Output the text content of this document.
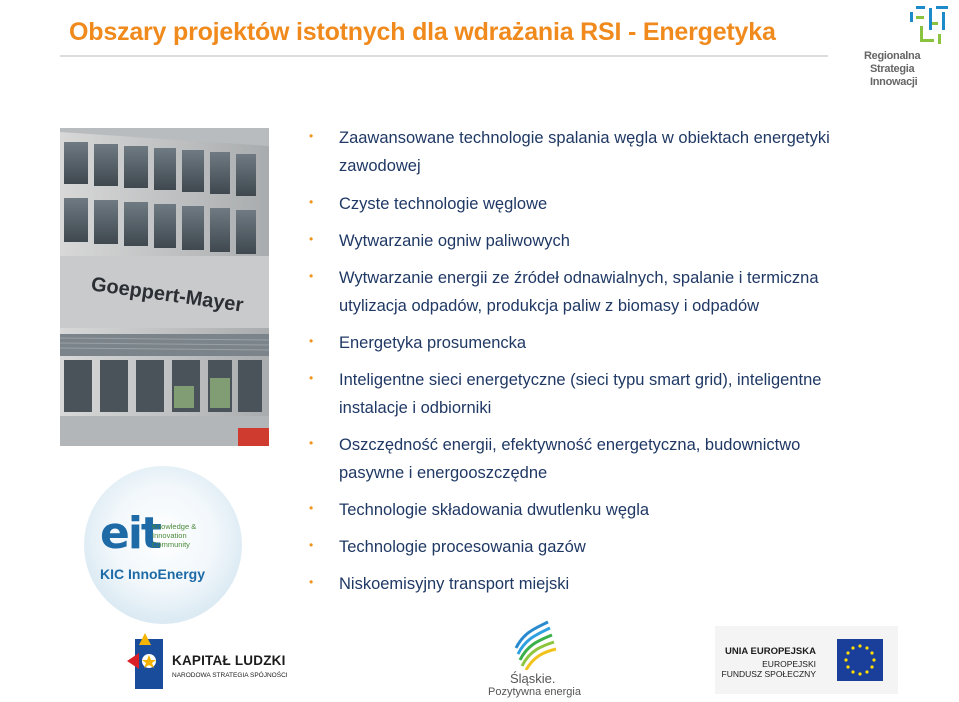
Obszary projektów istotnych dla wdrażania RSI - Energetyka
Regionalna
Strategia
Innowacji
Goeppert-Mayer
eit
Knowledge &
Innovation
Community
KIC InnoEnergy
• Zaawansowane technologie spalania węgla w obiektach energetyki
zawodowej
• Czyste technologie węglowe
• Wytwarzanie ogniw paliwowych
• Wytwarzanie energii ze źródeł odnawialnych, spalanie i termiczna
utylizacja odpadów, produkcja paliw z biomasy i odpadów
• Energetyka prosumencka
• Inteligentne sieci energetyczne (sieci typu smart grid), inteligentne
instalacje i odbiorniki
• Oszczędność energii, efektywność energetyczna, budownictwo
pasywne i energooszczędne
• Technologie składowania dwutlenku węgla
• Technologie procesowania gazów
• Niskoemisyjny transport miejski
KAPITAŁ LUDZKI
NARODOWA STRATEGIA SPÓJNOŚCI	Śląskie.
Pozytywna energia
UNIA EUROPEJSKA
EUROPEJSKI
FUNDUSZ SPOŁECZNY
